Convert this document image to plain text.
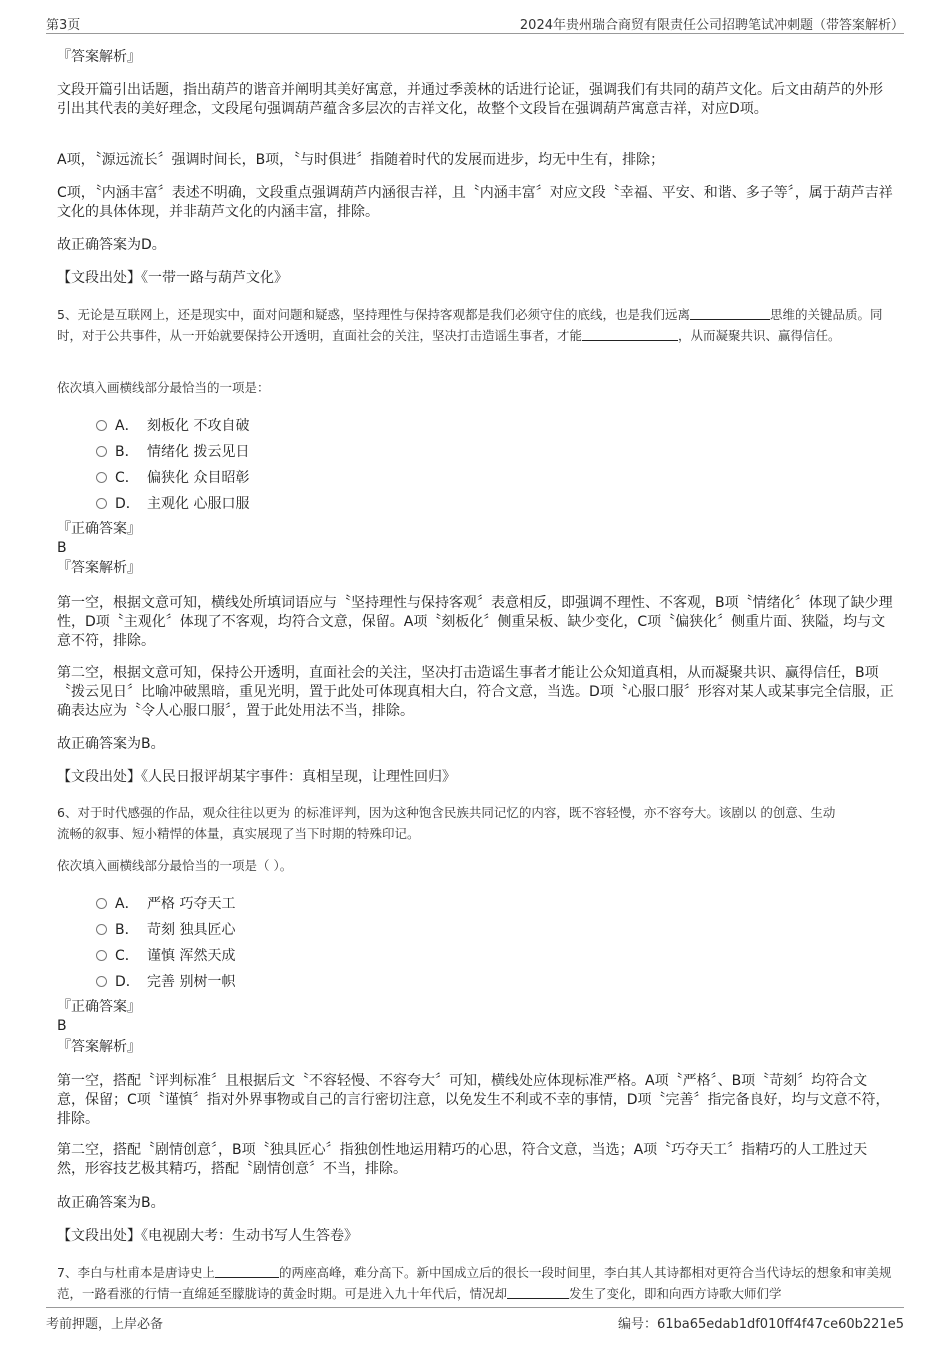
第3页	2024年贵州瑞合商贸有限责任公司招聘笔试冲刺题（带答案解析）
『答案解析』
文段开篇引出话题，指出葫芦的谐音并阐明其美好寓意，并通过季羡林的话进行论证，强调我们有共同的葫芦文化。后文由葫芦的外形引出其代表的美好理念，文段尾句强调葫芦蕴含多层次的吉祥文化，故整个文段旨在强调葫芦寓意吉祥，对应D项。
A项，〝源远流长〞强调时间长，B项，〝与时俱进〞指随着时代的发展而进步，均无中生有，排除；
C项，〝内涵丰富〞表述不明确，文段重点强调葫芦内涵很吉祥，且〝内涵丰富〞对应文段〝幸福、平安、和谐、多子等〞，属于葫芦吉祥文化的具体体现，并非葫芦文化的内涵丰富，排除。
故正确答案为D。
【文段出处】《一带一路与葫芦文化》
5、无论是互联网上，还是现实中，面对问题和疑惑，坚持理性与保持客观都是我们必须守住的底线，也是我们远离	思维的关键品质。同时，对于公共事件，从一开始就要保持公开透明，直面社会的关注，坚决打击造谣生事者，才能	，从而凝聚共识、赢得信任。
依次填入画横线部分最恰当的一项是：
A． 刻板化 不攻自破
B． 情绪化 拨云见日
C． 偏狭化 众目昭彰
D． 主观化 心服口服
『正确答案』
B
『答案解析』
第一空，根据文意可知，横线处所填词语应与〝坚持理性与保持客观〞表意相反，即强调不理性、不客观，B项〝情绪化〞体现了缺少理性，D项〝主观化〞体现了不客观，均符合文意，保留。A项〝刻板化〞侧重呆板、缺少变化，C项〝偏狭化〞侧重片面、狭隘，均与文意不符，排除。
第二空，根据文意可知，保持公开透明，直面社会的关注，坚决打击造谣生事者才能让公众知道真相，从而凝聚共识、赢得信任，B项〝拨云见日〞比喻冲破黑暗，重见光明，置于此处可体现真相大白，符合文意，当选。D项〝心服口服〞形容对某人或某事完全信服，正确表达应为〝令人心服口服〞，置于此处用法不当，排除。
故正确答案为B。
【文段出处】《人民日报评胡某宇事件：真相呈现，让理性回归》
6、对于时代感强的作品，观众往往以更为 的标准评判，因为这种饱含民族共同记忆的内容，既不容轻慢，亦不容夸大。该剧以 的创意、生动
流畅的叙事、短小精悍的体量，真实展现了当下时期的特殊印记。
依次填入画横线部分最恰当的一项是（ ）。
A． 严格 巧夺天工
B． 苛刻 独具匠心
C． 谨慎 浑然天成
D． 完善 别树一帜
『正确答案』
B
『答案解析』
第一空，搭配〝评判标准〞且根据后文〝不容轻慢、不容夸大〞可知，横线处应体现标准严格。A项〝严格〞、B项〝苛刻〞均符合文意，保留；C项〝谨慎〞指对外界事物或自己的言行密切注意，以免发生不利或不幸的事情，D项〝完善〞指完备良好，均与文意不符，排除。
第二空，搭配〝剧情创意〞，B项〝独具匠心〞指独创性地运用精巧的心思，符合文意，当选；A项〝巧夺天工〞指精巧的人工胜过天然，形容技艺极其精巧，搭配〝剧情创意〞不当，排除。
故正确答案为B。
【文段出处】《电视剧大考：生动书写人生答卷》
7、李白与杜甫本是唐诗史上	的两座高峰，难分高下。新中国成立后的很长一段时间里，李白其人其诗都相对更符合当代诗坛的想象和审美规范，一路看涨的行情一直绵延至朦胧诗的黄金时期。可是进入九十年代后，情况却	发生了变化，即和向西方诗歌大师们学
考前押题，上岸必备	编号：61ba65edab1df010ff4f47ce60b221e5
